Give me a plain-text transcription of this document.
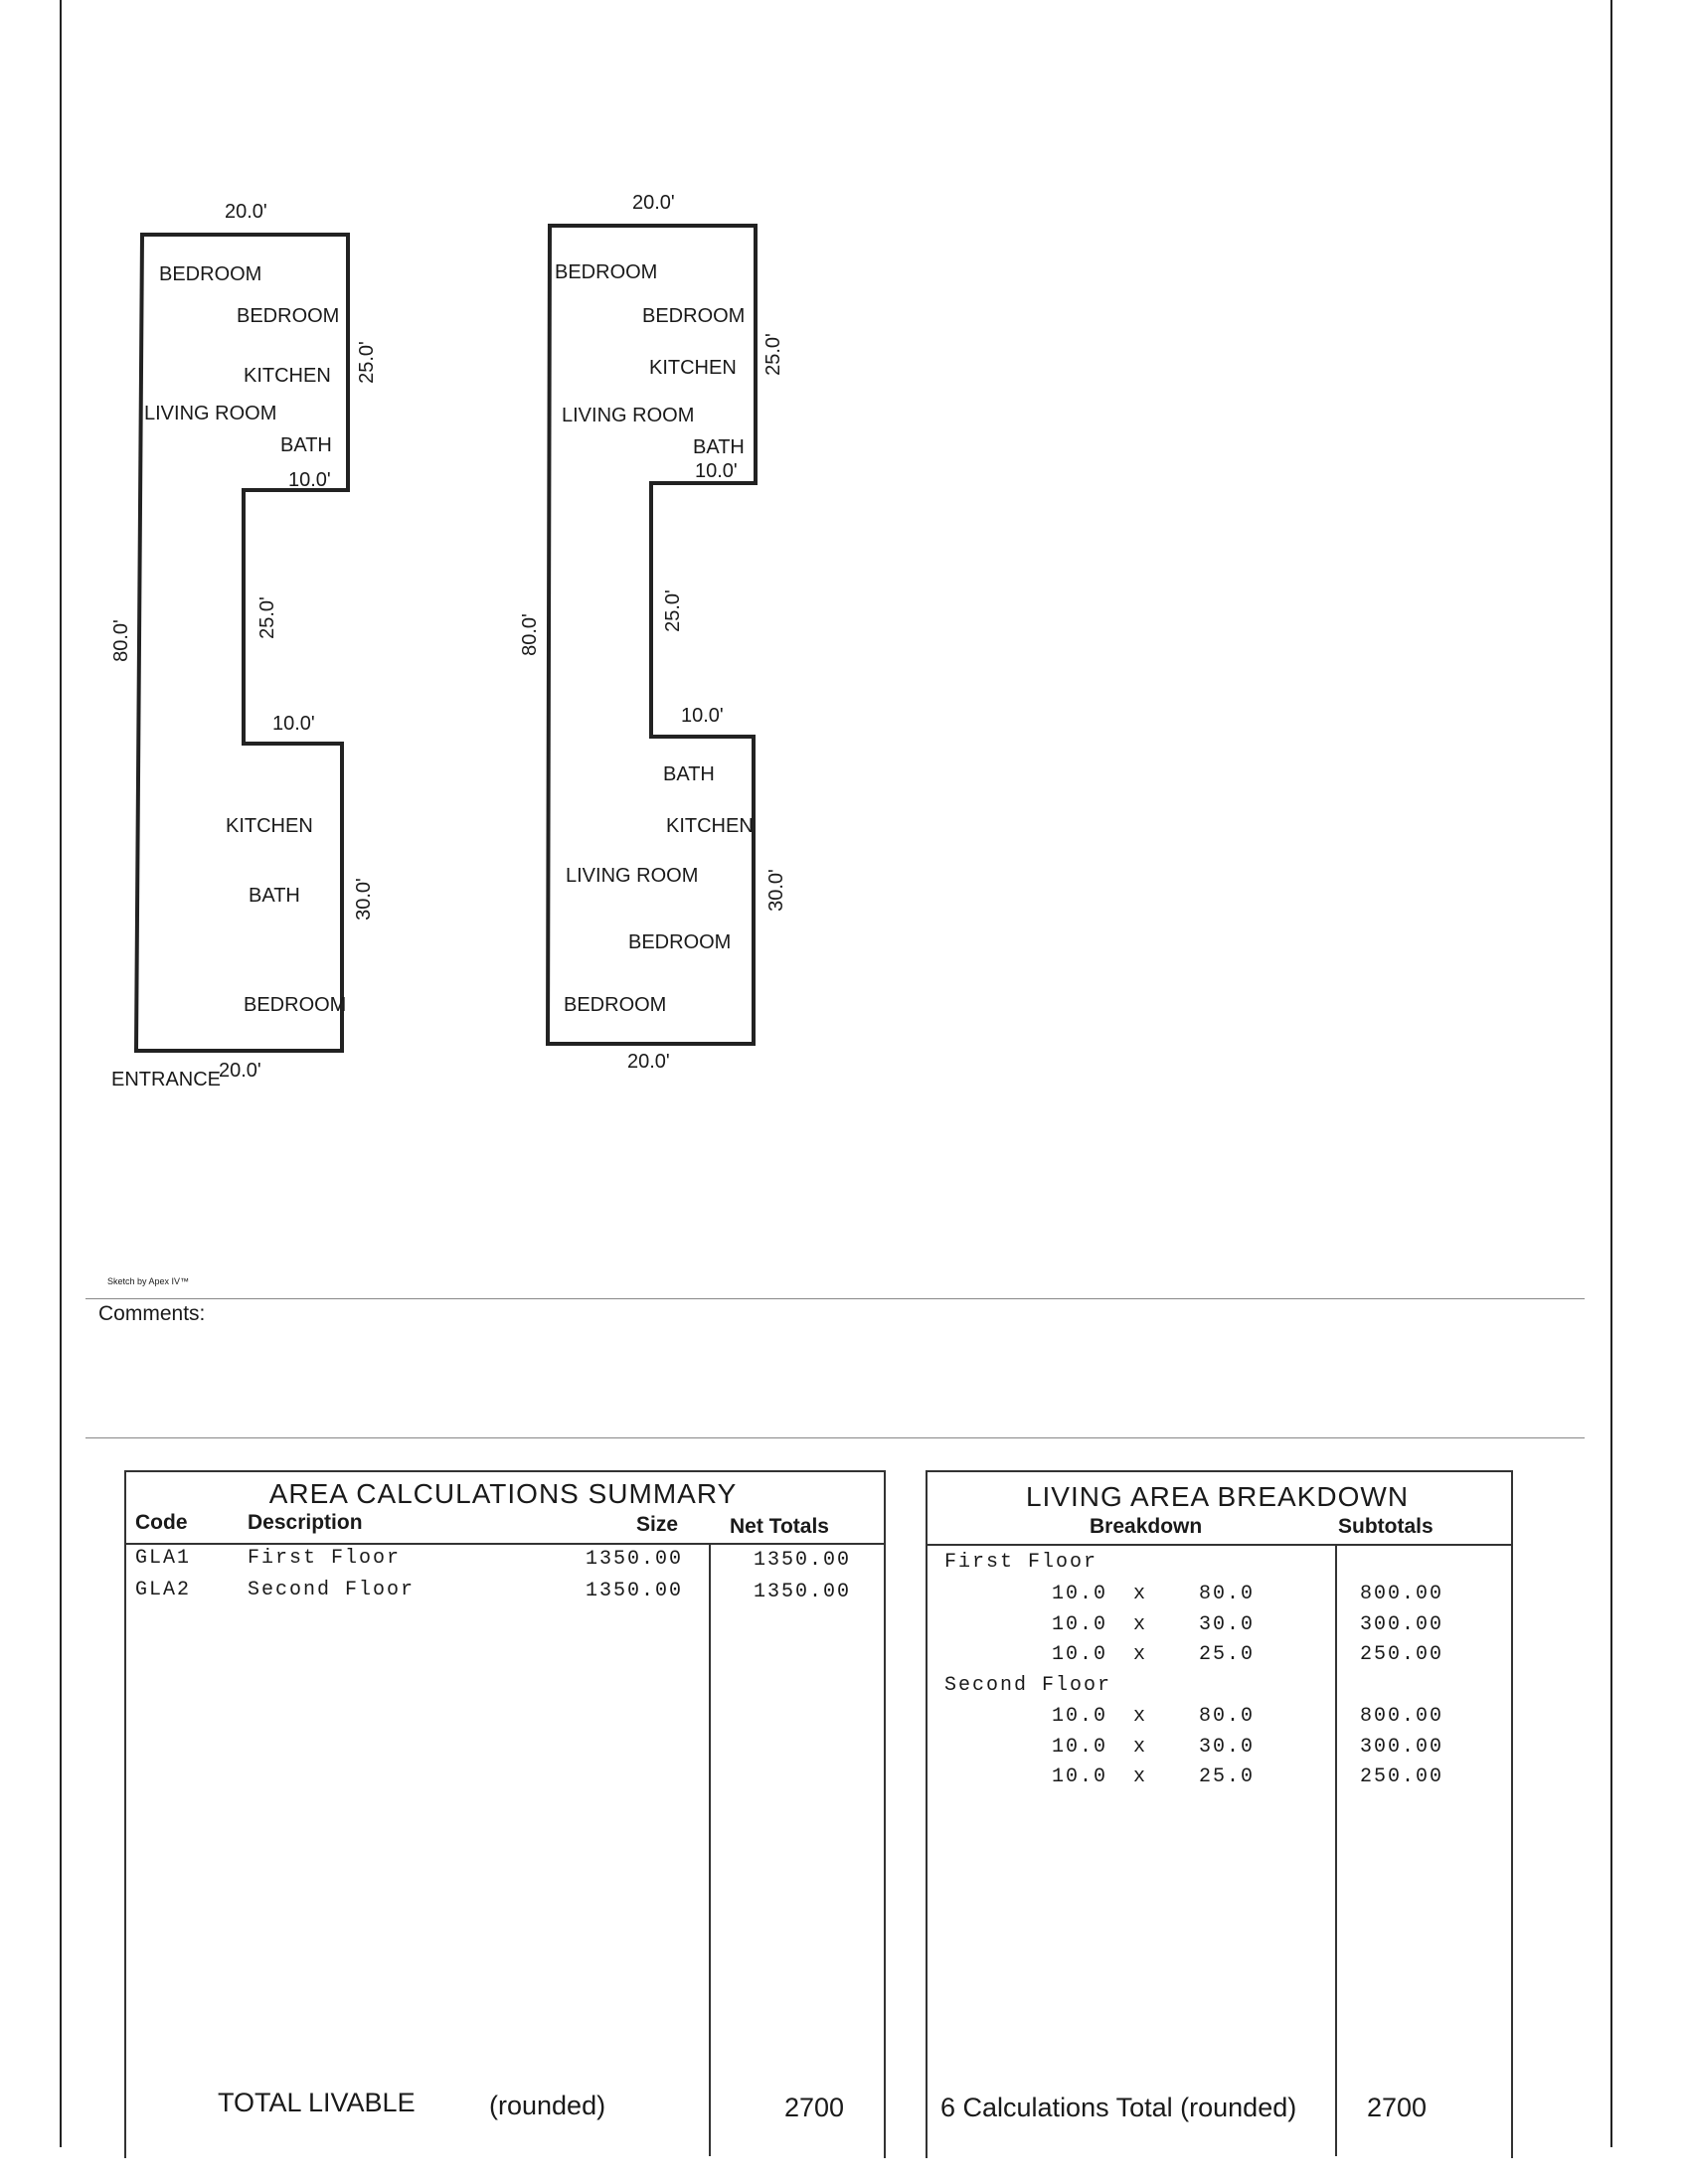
20.0'
BEDROOM
BEDROOM
KITCHEN
LIVING ROOM
BATH
10.0'
25.0'
80.0'
25.0'
10.0'
KITCHEN
BATH	30.0'
BEDROOM
ENTRANCE
20.0'
20.0'
BEDROOM
BEDROOM
KITCHEN
LIVING ROOM
BATH
10.0'
25.0'
80.0'
25.0'
10.0'
BATH
KITCHEN
LIVING ROOM	30.0'
BEDROOM
BEDROOM
20.0'
Sketch by Apex IV™
Comments:
AREA CALCULATIONS SUMMARY
Code	Description	Size Net Totals
GLA1	First Floor	1350.00	1350.00
GLA2	Second Floor	1350.00	1350.00
TOTAL LIVABLE	(rounded)	2700
LIVING AREA BREAKDOWN
Breakdown	Subtotals
First Floor
10.0 x	80.0	800.00
10.0 x	30.0	300.00
10.0 x	25.0	250.00
Second Floor
10.0 x	80.0	800.00
10.0 x	30.0	300.00
10.0 x	25.0	250.00
6 Calculations Total (rounded)	2700
